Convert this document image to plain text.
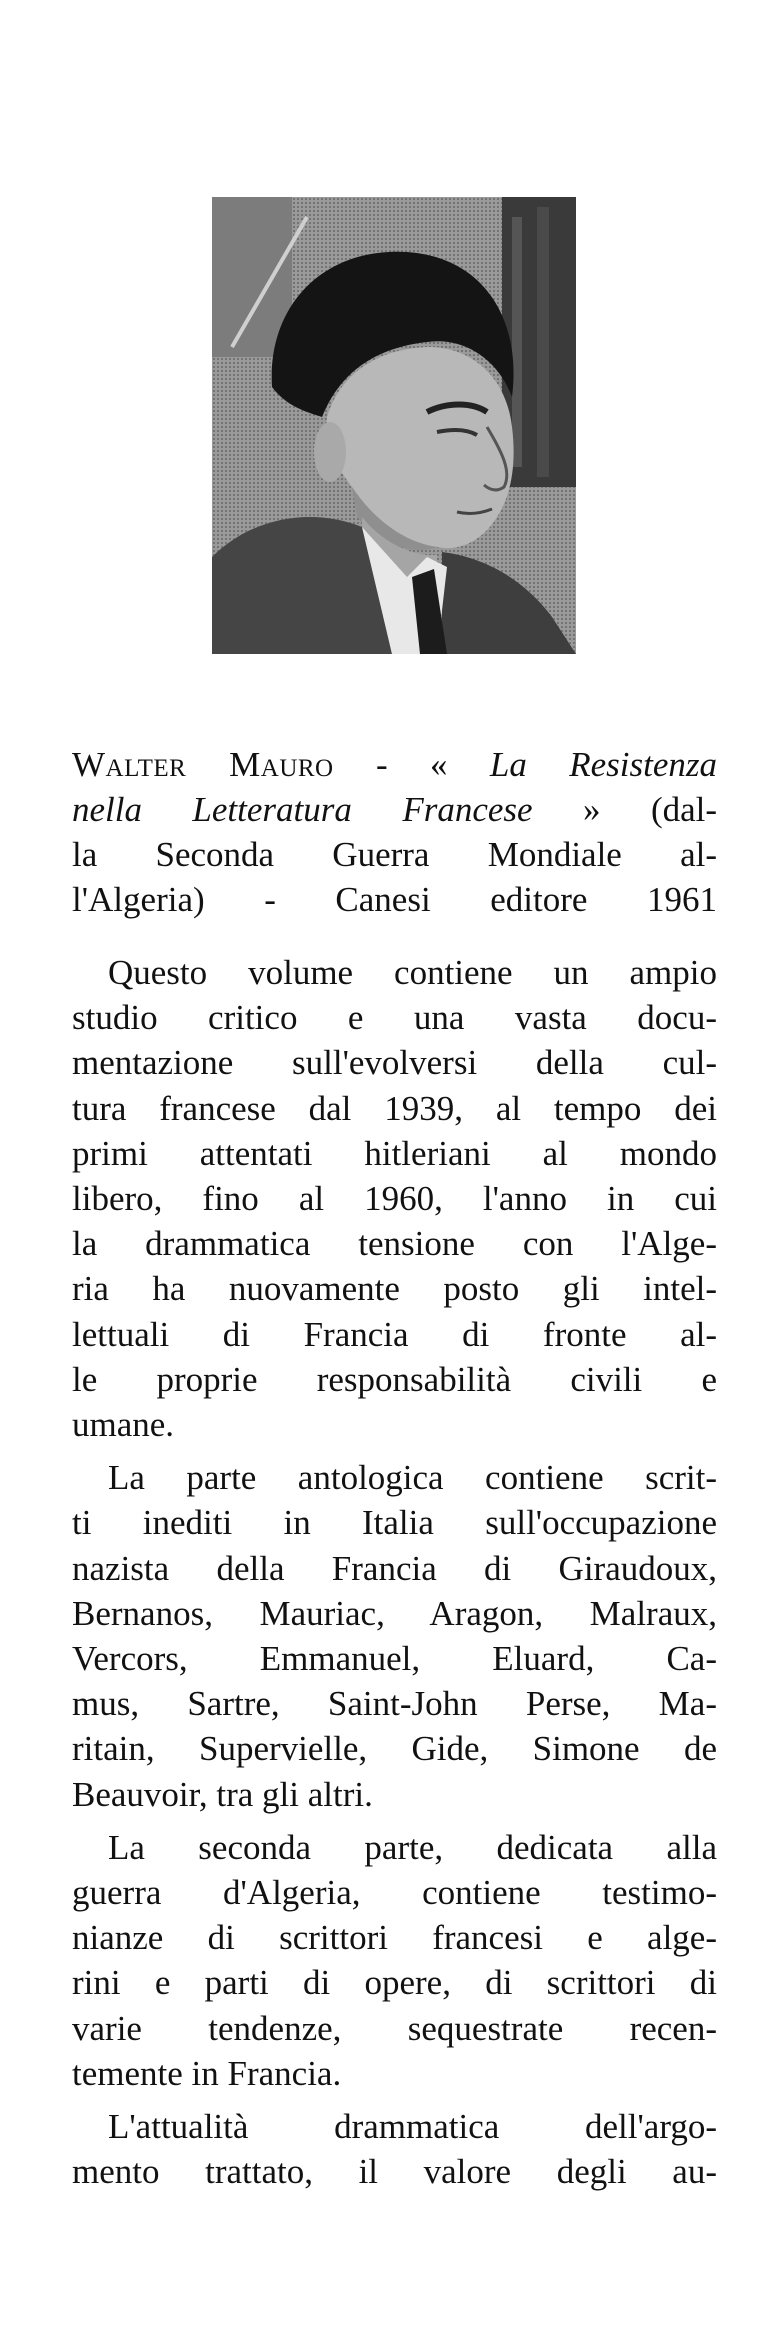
Walter Mauro - « La Resistenza
nella Letteratura Francese » (dal-
la Seconda Guerra Mondiale al-
l'Algeria) - Canesi editore 1961

Questo volume contiene un ampio
studio critico e una vasta docu-
mentazione sull'evolversi della cul-
tura francese dal 1939, al tempo dei
primi attentati hitleriani al mondo
libero, fino al 1960, l'anno in cui
la drammatica tensione con l'Alge-
ria ha nuovamente posto gli intel-
lettuali di Francia di fronte al-
le proprie responsabilità civili e
umane.

La parte antologica contiene scrit-
ti inediti in Italia sull'occupazione
nazista della Francia di Giraudoux,
Bernanos, Mauriac, Aragon, Malraux,
Vercors, Emmanuel, Eluard, Ca-
mus, Sartre, Saint-John Perse, Ma-
ritain, Supervielle, Gide, Simone de
Beauvoir, tra gli altri.

La seconda parte, dedicata alla
guerra d'Algeria, contiene testimo-
nianze di scrittori francesi e alge-
rini e parti di opere, di scrittori di
varie tendenze, sequestrate recen-
temente in Francia.

L'attualità drammatica dell'argo-
mento trattato, il valore degli au-
